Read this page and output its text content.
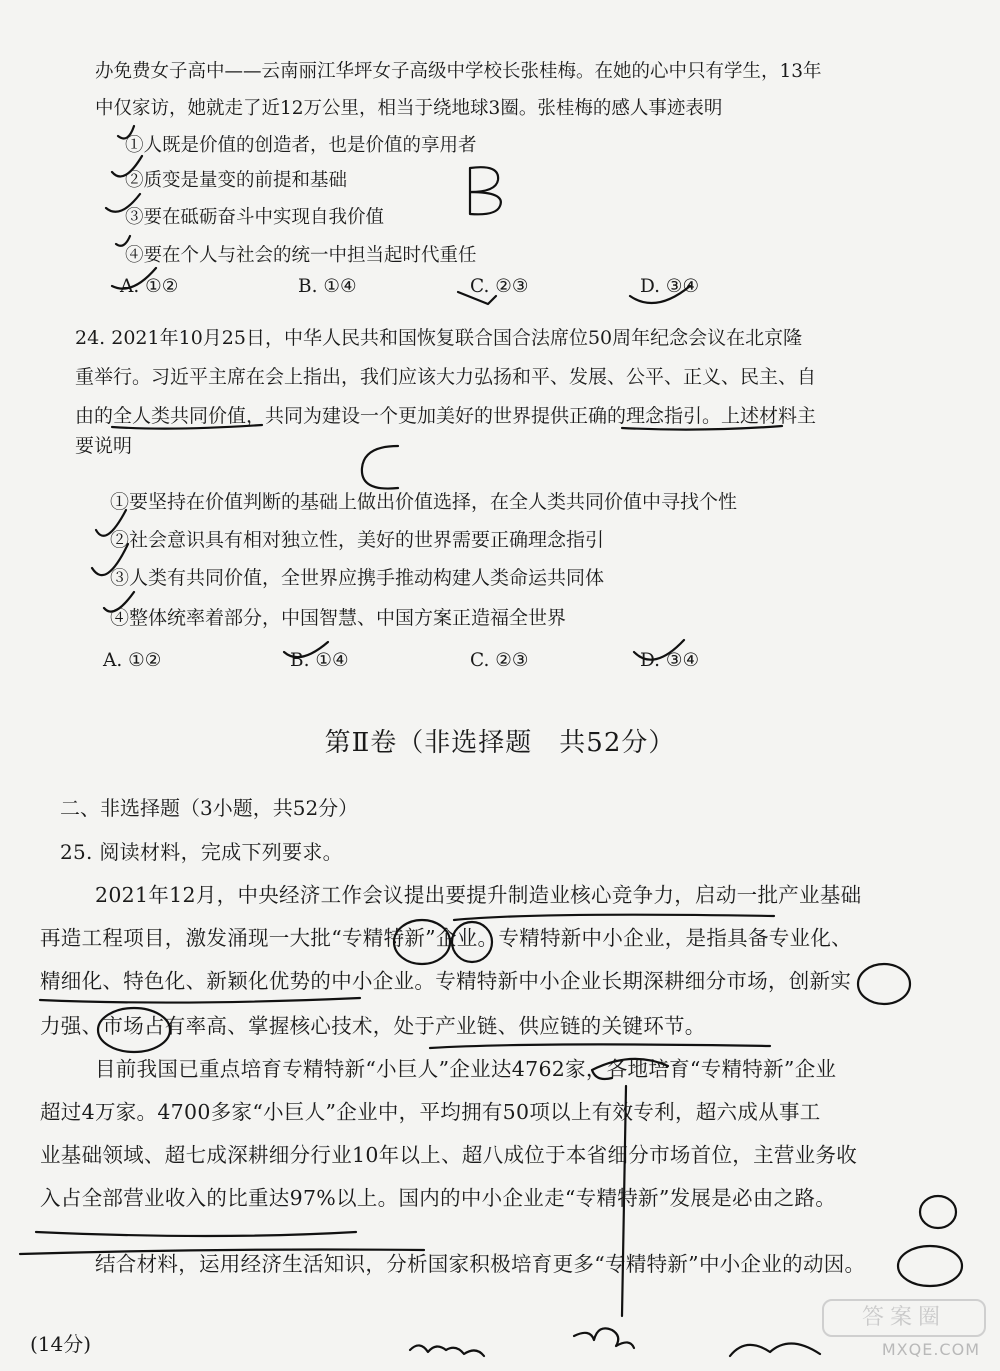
办免费女子高中——云南丽江华坪女子高级中学校长张桂梅。在她的心中只有学生，13年
中仅家访，她就走了近12万公里，相当于绕地球3圈。张桂梅的感人事迹表明
①人既是价值的创造者，也是价值的享用者
②质变是量变的前提和基础
③要在砥砺奋斗中实现自我价值
④要在个人与社会的统一中担当起时代重任
A. ①②	B. ①④	C. ②③	D. ③④
24. 2021年10月25日，中华人民共和国恢复联合国合法席位50周年纪念会议在北京隆
重举行。习近平主席在会上指出，我们应该大力弘扬和平、发展、公平、正义、民主、自
由的全人类共同价值，共同为建设一个更加美好的世界提供正确的理念指引。上述材料主
要说明
①要坚持在价值判断的基础上做出价值选择，在全人类共同价值中寻找个性
②社会意识具有相对独立性，美好的世界需要正确理念指引
③人类有共同价值，全世界应携手推动构建人类命运共同体
④整体统率着部分，中国智慧、中国方案正造福全世界
A. ①②	B. ①④	C. ②③	D. ③④
第Ⅱ卷（非选择题　共52分）
二、非选择题（3小题，共52分）
25. 阅读材料，完成下列要求。
2021年12月，中央经济工作会议提出要提升制造业核心竞争力，启动一批产业基础
再造工程项目，激发涌现一大批“专精特新”企业。专精特新中小企业，是指具备专业化、
精细化、特色化、新颖化优势的中小企业。专精特新中小企业长期深耕细分市场，创新实
力强、市场占有率高、掌握核心技术，处于产业链、供应链的关键环节。
目前我国已重点培育专精特新“小巨人”企业达4762家，各地培育“专精特新”企业
超过4万家。4700多家“小巨人”企业中，平均拥有50项以上有效专利，超六成从事工
业基础领域、超七成深耕细分行业10年以上、超八成位于本省细分市场首位，主营业务收
入占全部营业收入的比重达97%以上。国内的中小企业走“专精特新”发展是必由之路。
结合材料，运用经济生活知识，分析国家积极培育更多“专精特新”中小企业的动因。
(14分)
答案圈
MXQE.COM
